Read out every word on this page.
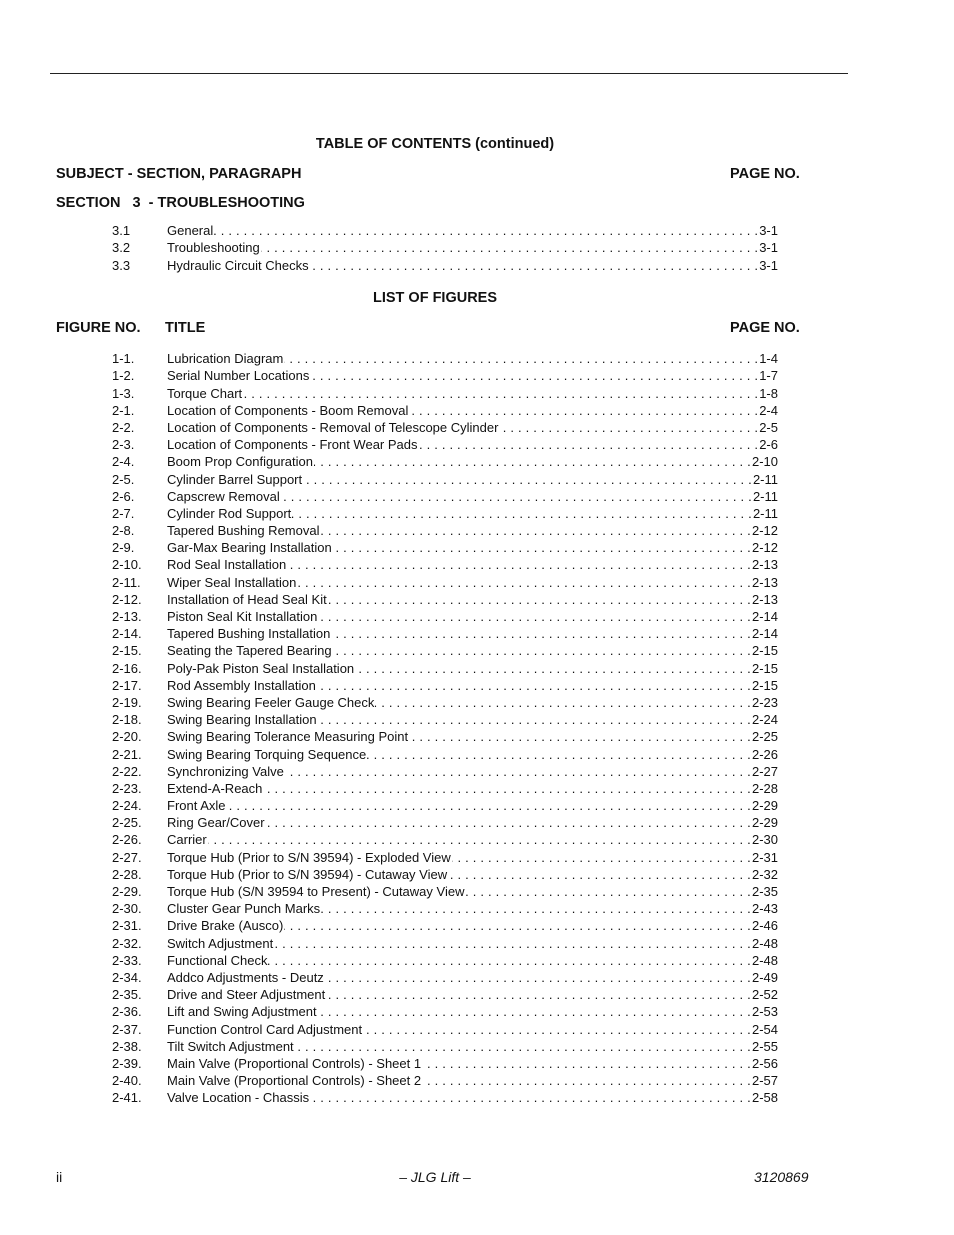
TABLE OF CONTENTS (continued)
SUBJECT - SECTION, PARAGRAPH	PAGE NO.
SECTION   3  - TROUBLESHOOTING
3.1	General . . .	3-1
3.2	Troubleshooting . . .	3-1
3.3	Hydraulic Circuit Checks . . .	3-1
LIST OF FIGURES
FIGURE NO. TITLE	PAGE NO.
1-1.	Lubrication Diagram . . .	1-4
1-2.	Serial Number Locations . . .	1-7
1-3.	Torque Chart . . .	1-8
2-1.	Location of Components - Boom Removal . . .	2-4
2-2.	Location of Components - Removal of Telescope Cylinder . . .	2-5
2-3.	Location of Components - Front Wear Pads . . .	2-6
2-4.	Boom Prop Configuration . . .	2-10
2-5.	Cylinder Barrel Support . . .	2-11
2-6.	Capscrew Removal . . .	2-11
2-7.	Cylinder Rod Support . . .	2-11
2-8.	Tapered Bushing Removal . . .	2-12
2-9.	Gar-Max Bearing Installation . . .	2-12
2-10.	Rod Seal Installation . . .	2-13
2-11.	Wiper Seal Installation . . .	2-13
2-12.	Installation of Head Seal Kit . . .	2-13
2-13.	Piston Seal Kit Installation . . .	2-14
2-14.	Tapered Bushing Installation . . .	2-14
2-15.	Seating the Tapered Bearing . . .	2-15
2-16.	Poly-Pak Piston Seal Installation . . .	2-15
2-17.	Rod Assembly Installation . . .	2-15
2-19.	Swing Bearing Feeler Gauge Check . . .	2-23
2-18.	Swing Bearing Installation . . .	2-24
2-20.	Swing Bearing Tolerance Measuring Point . . .	2-25
2-21.	Swing Bearing Torquing Sequence . . .	2-26
2-22.	Synchronizing Valve . . .	2-27
2-23.	Extend-A-Reach . . .	2-28
2-24.	Front Axle . . .	2-29
2-25.	Ring Gear/Cover . . .	2-29
2-26.	Carrier . . .	2-30
2-27.	Torque Hub (Prior to S/N 39594) - Exploded View . . .	2-31
2-28.	Torque Hub (Prior to S/N 39594) - Cutaway View . . .	2-32
2-29.	Torque Hub (S/N 39594 to Present) - Cutaway View . . .	2-35
2-30.	Cluster Gear Punch Marks . . .	2-43
2-31.	Drive Brake (Ausco) . . .	2-46
2-32.	Switch Adjustment . . .	2-48
2-33.	Functional Check . . .	2-48
2-34.	Addco Adjustments - Deutz . . .	2-49
2-35.	Drive and Steer Adjustment . . .	2-52
2-36.	Lift and Swing Adjustment . . .	2-53
2-37.	Function Control Card Adjustment . . .	2-54
2-38.	Tilt Switch Adjustment . . .	2-55
2-39.	Main Valve (Proportional Controls) - Sheet 1 . . .	2-56
2-40.	Main Valve (Proportional Controls) - Sheet 2 . . .	2-57
2-41.	Valve Location - Chassis . . .	2-58
ii	– JLG Lift –	3120869
